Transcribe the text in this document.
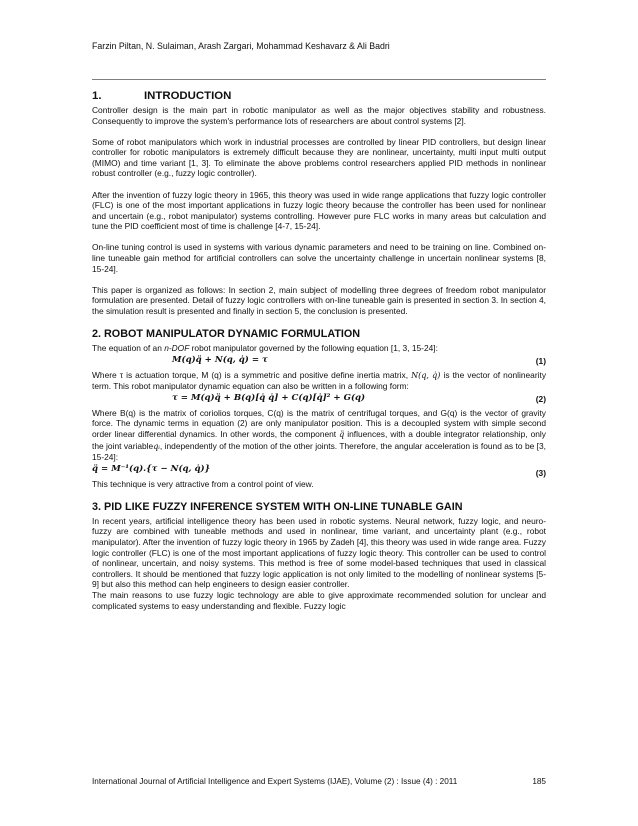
Farzin Piltan, N. Sulaiman, Arash Zargari, Mohammad Keshavarz & Ali Badri
1.	INTRODUCTION

Controller design is the main part in robotic manipulator as well as the major objectives stability and robustness. Consequently to improve the system's performance lots of researchers are about control systems [2].

Some of robot manipulators which work in industrial processes are controlled by linear PID controllers, but design linear controller for robotic manipulators is extremely difficult because they are nonlinear, uncertainty, multi input multi output (MIMO) and time variant [1, 3]. To eliminate the above problems control researchers applied PID methods in nonlinear robust controller (e.g., fuzzy logic controller).

After the invention of fuzzy logic theory in 1965, this theory was used in wide range applications that fuzzy logic controller (FLC) is one of the most important applications in fuzzy logic theory because the controller has been used for nonlinear and uncertain (e.g., robot manipulator) systems controlling. However pure FLC works in many areas but calculation and tune the PID coefficient most of time is challenge [4-7, 15-24].

On-line tuning control is used in systems with various dynamic parameters and need to be training on line. Combined on-line tuneable gain method for artificial controllers can solve the uncertainty challenge in uncertain nonlinear systems [8, 15-24].

This paper is organized as follows: In section 2, main subject of modelling three degrees of freedom robot manipulator formulation are presented. Detail of fuzzy logic controllers with on-line tuneable gain is presented in section 3. In section 4, the simulation result is presented and finally in section 5, the conclusion is presented.

2. ROBOT MANIPULATOR DYNAMIC FORMULATION

The equation of an n-DOF robot manipulator governed by the following equation [1, 3, 15-24]:

M(q)q̈ + N(q, q̇) = τ	(1)

Where τ is actuation torque, M (q) is a symmetric and positive define inertia matrix, N(q, q̇) is the vector of nonlinearity term. This robot manipulator dynamic equation can also be written in a following form:

τ = M(q)q̈ + B(q)[q̇ q̇] + C(q)[q̇]² + G(q)	(2)

Where B(q) is the matrix of coriolios torques, C(q) is the matrix of centrifugal torques, and G(q) is the vector of gravity force. The dynamic terms in equation (2) are only manipulator position. This is a decoupled system with simple second order linear differential dynamics. In other words, the component q̈ influences, with a double integrator relationship, only the joint variableqᵢ, independently of the motion of the other joints. Therefore, the angular acceleration is found as to be [3, 15-24]:

q̈ = M⁻¹(q).{τ − N(q, q̇)}	(3)

This technique is very attractive from a control point of view.

3. PID LIKE FUZZY INFERENCE SYSTEM WITH ON-LINE TUNABLE GAIN

In recent years, artificial intelligence theory has been used in robotic systems. Neural network, fuzzy logic, and neuro-fuzzy are combined with tuneable methods and used in nonlinear, time variant, and uncertainty plant (e.g., robot manipulator). After the invention of fuzzy logic theory in 1965 by Zadeh [4], this theory was used in wide range area. Fuzzy logic controller (FLC) is one of the most important applications of fuzzy logic theory. This controller can be used to control of nonlinear, uncertain, and noisy systems. This method is free of some model-based techniques that used in classical controllers. It should be mentioned that fuzzy logic application is not only limited to the modelling of nonlinear systems [5-9] but also this method can help engineers to design easier controller.

The main reasons to use fuzzy logic technology are able to give approximate recommended solution for unclear and complicated systems to easy understanding and flexible. Fuzzy logic

International Journal of Artificial Intelligence and Expert Systems (IJAE), Volume (2) : Issue (4) : 2011	185
